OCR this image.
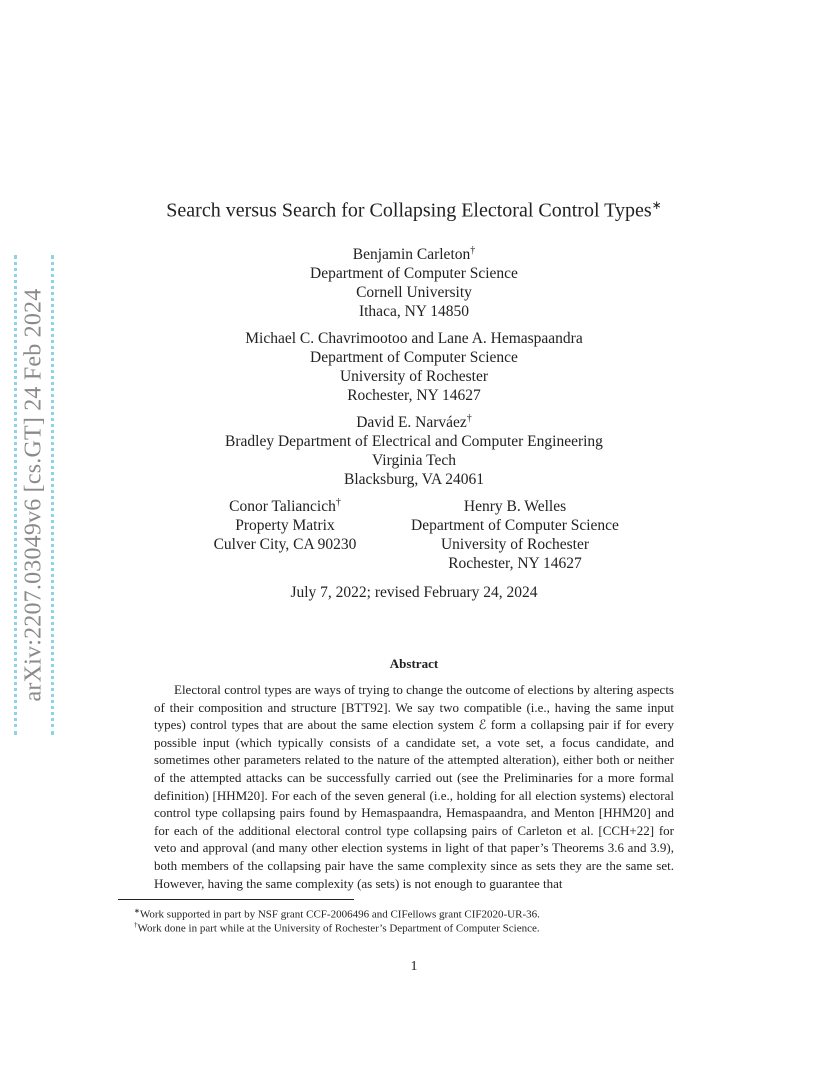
arXiv:2207.03049v6 [cs.GT] 24 Feb 2024
Search versus Search for Collapsing Electoral Control Types∗
Benjamin Carleton†
Department of Computer Science
Cornell University
Ithaca, NY 14850
Michael C. Chavrimootoo and Lane A. Hemaspaandra
Department of Computer Science
University of Rochester
Rochester, NY 14627
David E. Narváez†
Bradley Department of Electrical and Computer Engineering
Virginia Tech
Blacksburg, VA 24061
Conor Taliancich†
Property Matrix
Culver City, CA 90230
Henry B. Welles
Department of Computer Science
University of Rochester
Rochester, NY 14627
July 7, 2022; revised February 24, 2024
Abstract
Electoral control types are ways of trying to change the outcome of elections by altering aspects of their composition and structure [BTT92]. We say two compatible (i.e., having the same input types) control types that are about the same election system ℰ form a collapsing pair if for every possible input (which typically consists of a candidate set, a vote set, a focus candidate, and sometimes other parameters related to the nature of the attempted alteration), either both or neither of the attempted attacks can be successfully carried out (see the Preliminaries for a more formal definition) [HHM20]. For each of the seven general (i.e., holding for all election systems) electoral control type collapsing pairs found by Hemaspaandra, Hemaspaandra, and Menton [HHM20] and for each of the additional electoral control type collapsing pairs of Carleton et al. [CCH+22] for veto and approval (and many other election systems in light of that paper’s Theorems 3.6 and 3.9), both members of the collapsing pair have the same complexity since as sets they are the same set. However, having the same complexity (as sets) is not enough to guarantee that
∗Work supported in part by NSF grant CCF-2006496 and CIFellows grant CIF2020-UR-36.
†Work done in part while at the University of Rochester’s Department of Computer Science.
1
